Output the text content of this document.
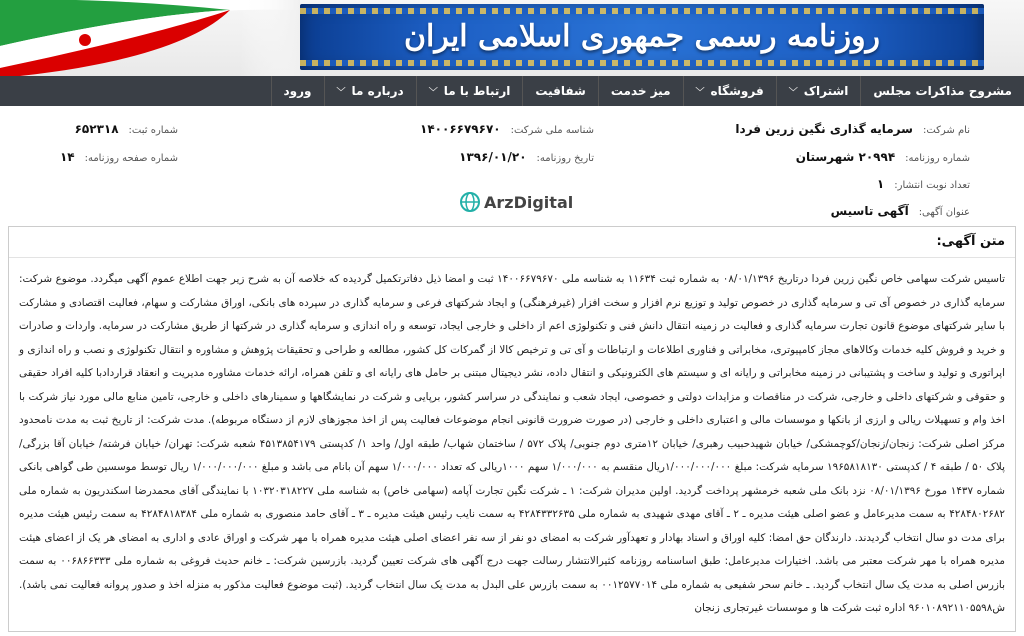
روزنامه رسمی جمهوری اسلامی ایران
مشروح مذاکرات مجلس
اشتراک
﹀
فروشگاه
﹀
میز خدمت
شفافیت
ارتباط با ما
﹀
درباره ما
﹀
ورود
نام شرکت:
سرمایه گذاری نگین زرین فردا
شناسه ملی شرکت:
۱۴۰۰۶۶۷۹۶۷۰
شماره ثبت:
۶۵۲۳۱۸
شماره روزنامه:
۲۰۹۹۴ شهرستان
تاریخ روزنامه:
۱۳۹۶/۰۱/۲۰
شماره صفحه روزنامه:
۱۴
تعداد نوبت انتشار:
۱
عنوان آگهی:
آگهی تاسیس
ArzDigital
متن آگهی:
تاسیس شرکت سهامی خاص نگین زرین فردا درتاریخ ۰۸/۰۱/۱۳۹۶ به شماره ثبت ۱۱۶۳۴ به شناسه ملی ۱۴۰۰۶۶۷۹۶۷۰ ثبت و امضا ذیل دفاترتکمیل گردیده که خلاصه آن به شرح زیر جهت اطلاع عموم آگهی میگردد. موضوع شرکت: سرمایه گذاری در خصوص آی تی و سرمایه گذاری در خصوص تولید و توزیع نرم افزار و سخت افزار (غیرفرهنگی) و ایجاد شرکتهای فرعی و سرمایه گذاری در سپرده های بانکی، اوراق مشارکت و سهام، فعالیت اقتصادی و مشارکت با سایر شرکتهای موضوع قانون تجارت سرمایه گذاری و فعالیت در زمینه انتقال دانش فنی و تکنولوژی اعم از داخلی و خارجی ایجاد، توسعه و راه اندازی و سرمایه گذاری در شرکتها از طریق مشارکت در سرمایه. واردات و صادرات و خرید و فروش کلیه خدمات وکالاهای مجاز کامپیوتری، مخابراتی و فناوری اطلاعات و ارتباطات و آی تی و ترخیص کالا از گمرکات کل کشور، مطالعه و طراحی و تحقیقات پژوهش و مشاوره و انتقال تکنولوژی و نصب و راه اندازی و اپراتوری و تولید و ساخت و پشتیبانی در زمینه مخابراتی و رایانه ای و سیستم های الکترونیکی و انتقال داده، نشر دیجیتال مبتنی بر حامل های رایانه ای و تلفن همراه، ارائه خدمات مشاوره مدیریت و انعقاد قراردادبا کلیه افراد حقیقی و حقوقی و شرکتهای داخلی و خارجی، شرکت در مناقصات و مزایدات دولتی و خصوصی، ایجاد شعب و نمایندگی در سراسر کشور، برپایی و شرکت در نمایشگاهها و سمینارهای داخلی و خارجی، تامین منابع مالی مورد نیاز شرکت با اخذ وام و تسهیلات ریالی و ارزی از بانکها و موسسات مالی و اعتباری داخلی و خارجی (در صورت ضرورت قانونی انجام موضوعات فعالیت پس از اخذ مجوزهای لازم از دستگاه مربوطه). مدت شرکت: از تاریخ ثبت به مدت نامحدود مرکز اصلی شرکت: زنجان/زنجان/کوچمشکی/ خیابان شهیدحبیب رهبری/ خیابان ۱۲متری دوم جنوبی/ پلاک ۵۷۲ / ساختمان شهاب/ طبقه اول/ واحد ۱/ کدپستی ۴۵۱۳۸۵۴۱۷۹ شعبه شرکت: تهران/ خیابان فرشته/ خیابان آقا بزرگی/ پلاک ۵۰ / طبقه ۴ / کدپستی ۱۹۶۵۸۱۸۱۳۰ سرمایه شرکت: مبلغ ۱/۰۰۰/۰۰۰/۰۰۰ریال منقسم به ۱/۰۰۰/۰۰۰ سهم ۱۰۰۰ریالی که تعداد ۱/۰۰۰/۰۰۰ سهم آن بانام می باشد و مبلغ ۱/۰۰۰/۰۰۰/۰۰۰ ریال توسط موسسین طی گواهی بانکی شماره ۱۴۳۷ مورخ ۰۸/۰۱/۱۳۹۶ نزد بانک ملی شعبه خرمشهر پرداخت گردید. اولین مدیران شرکت: ۱ ـ شرکت نگین تجارت آپامه (سهامی خاص) به شناسه ملی ۱۰۳۲۰۳۱۸۲۲۷ با نمایندگی آقای محمدرضا اسکندریون به شماره ملی ۴۲۸۴۸۰۲۶۸۲ به سمت مدیرعامل و عضو اصلی هیئت مدیره ـ ۲ ـ آقای مهدی شهیدی به شماره ملی ۴۲۸۴۳۳۲۶۳۵ به سمت نایب رئیس هیئت مدیره ـ ۳ ـ آقای حامد منصوری به شماره ملی ۴۲۸۴۸۱۸۳۸۴ به سمت رئیس هیئت مدیره برای مدت دو سال انتخاب گردیدند. دارندگان حق امضا: کلیه اوراق و اسناد بهادار و تعهدآور شرکت به امضای دو نفر از سه نفر اعضای اصلی هیئت مدیره همراه با مهر شرکت و اوراق عادی و اداری به امضای هر یک از اعضای هیئت مدیره همراه با مهر شرکت معتبر می باشد. اختیارات مدیرعامل: طبق اساسنامه روزنامه کثیرالانتشار رسالت جهت درج آگهی های شرکت تعیین گردید. بازرسین شرکت: ـ خانم حدیث فروغی به شماره ملی ۰۰۶۸۶۶۳۳۳ به سمت بازرس اصلی به مدت یک سال انتخاب گردید. ـ خانم سحر شفیعی به شماره ملی ۰۰۱۲۵۷۷۰۱۴ به سمت بازرس علی البدل به مدت یک سال انتخاب گردید. (ثبت موضوع فعالیت مذکور به منزله اخذ و صدور پروانه فعالیت نمی باشد). ش۹۶۰۱۰۸۹۲۱۱۰۵۵۹۸ اداره ثبت شرکت ها و موسسات غیرتجاری زنجان
